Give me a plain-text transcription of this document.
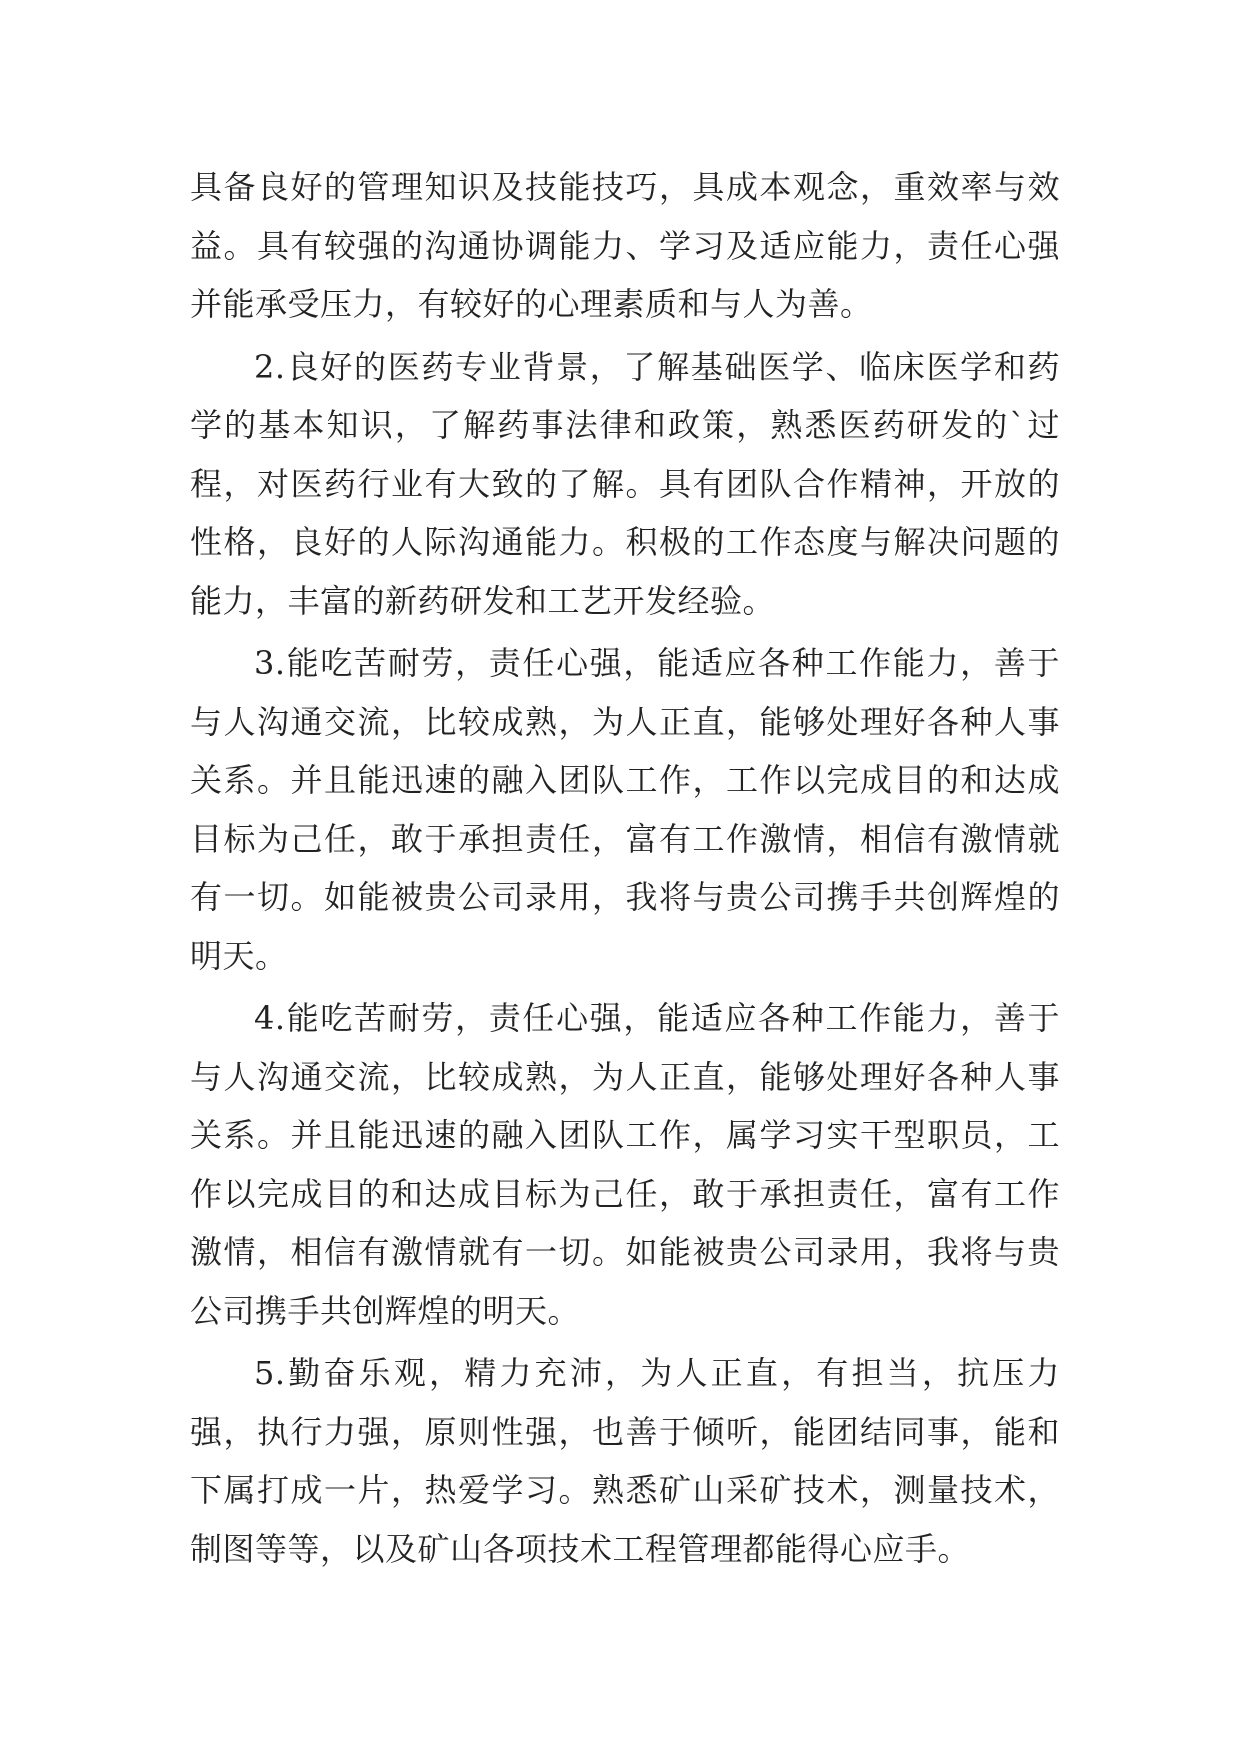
具备良好的管理知识及技能技巧，具成本观念，重效率与效益。具有较强的沟通协调能力、学习及适应能力，责任心强并能承受压力，有较好的心理素质和与人为善。

2.良好的医药专业背景，了解基础医学、临床医学和药学的基本知识，了解药事法律和政策，熟悉医药研发的`过程，对医药行业有大致的了解。具有团队合作精神，开放的性格，良好的人际沟通能力。积极的工作态度与解决问题的能力，丰富的新药研发和工艺开发经验。

3.能吃苦耐劳，责任心强，能适应各种工作能力，善于与人沟通交流，比较成熟，为人正直，能够处理好各种人事关系。并且能迅速的融入团队工作，工作以完成目的和达成目标为己任，敢于承担责任，富有工作激情，相信有激情就有一切。如能被贵公司录用，我将与贵公司携手共创辉煌的明天。

4.能吃苦耐劳，责任心强，能适应各种工作能力，善于与人沟通交流，比较成熟，为人正直，能够处理好各种人事关系。并且能迅速的融入团队工作，属学习实干型职员，工作以完成目的和达成目标为己任，敢于承担责任，富有工作激情，相信有激情就有一切。如能被贵公司录用，我将与贵公司携手共创辉煌的明天。

5.勤奋乐观，精力充沛，为人正直，有担当，抗压力强，执行力强，原则性强，也善于倾听，能团结同事，能和下属打成一片，热爱学习。熟悉矿山采矿技术，测量技术，制图等等，以及矿山各项技术工程管理都能得心应手。
